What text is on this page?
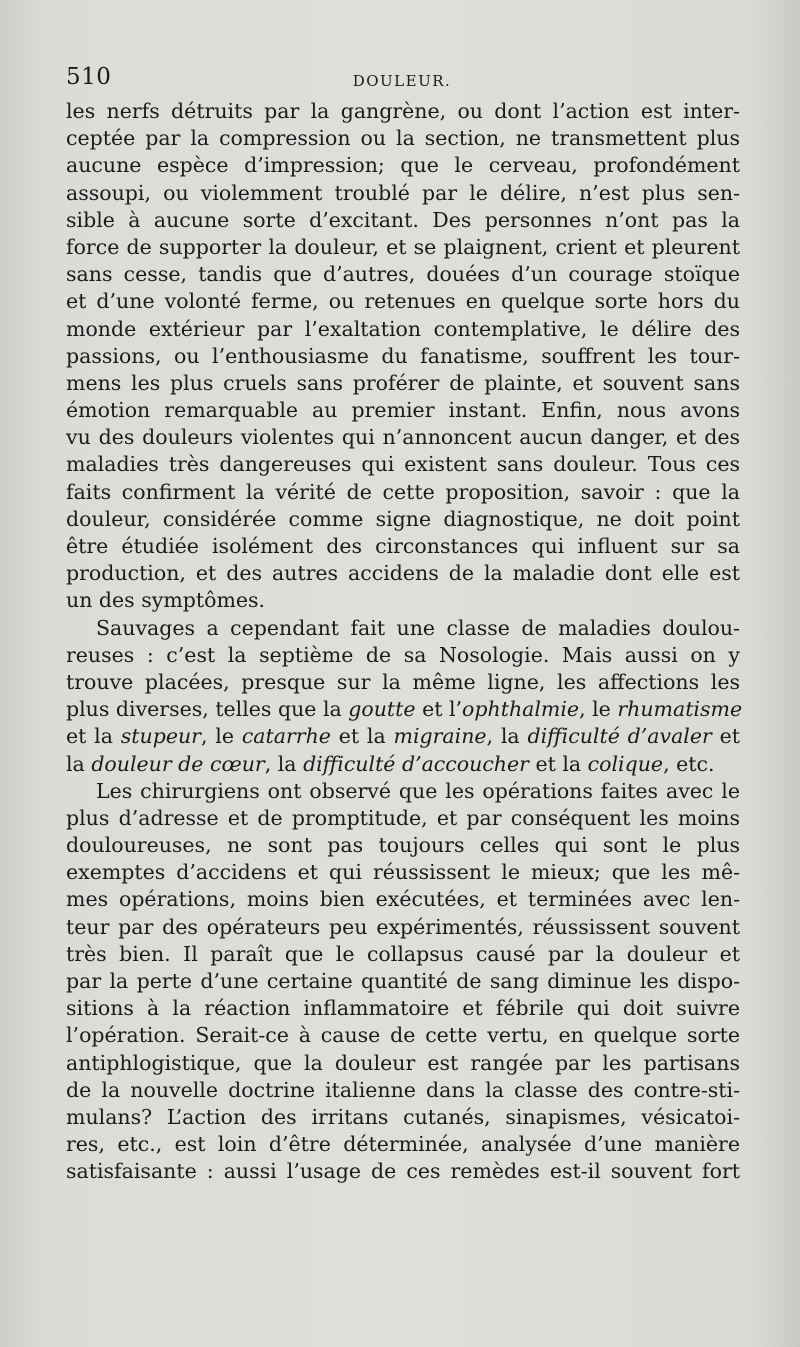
510	DOULEUR.
les nerfs détruits par la gangrène, ou dont l’action est inter-
ceptée par la compression ou la section, ne transmettent plus
aucune espèce d’impression; que le cerveau, profondément
assoupi, ou violemment troublé par le délire, n’est plus sen-
sible à aucune sorte d’excitant. Des personnes n’ont pas la
force de supporter la douleur, et se plaignent, crient et pleurent
sans cesse, tandis que d’autres, douées d’un courage stoïque
et d’une volonté ferme, ou retenues en quelque sorte hors du
monde extérieur par l’exaltation contemplative, le délire des
passions, ou l’enthousiasme du fanatisme, souffrent les tour-
mens les plus cruels sans proférer de plainte, et souvent sans
émotion remarquable au premier instant. Enfin, nous avons
vu des douleurs violentes qui n’annoncent aucun danger, et des
maladies très dangereuses qui existent sans douleur. Tous ces
faits confirment la vérité de cette proposition, savoir : que la
douleur, considérée comme signe diagnostique, ne doit point
être étudiée isolément des circonstances qui influent sur sa
production, et des autres accidens de la maladie dont elle est
un des symptômes.
Sauvages a cependant fait une classe de maladies doulou-
reuses : c’est la septième de sa Nosologie. Mais aussi on y
trouve placées, presque sur la même ligne, les affections les
plus diverses, telles que la goutte et l’ophthalmie, le rhumatisme
et la stupeur, le catarrhe et la migraine, la difficulté d’avaler et
la douleur de cœur, la difficulté d’accoucher et la colique, etc.
Les chirurgiens ont observé que les opérations faites avec le
plus d’adresse et de promptitude, et par conséquent les moins
douloureuses, ne sont pas toujours celles qui sont le plus
exemptes d’accidens et qui réussissent le mieux; que les mê-
mes opérations, moins bien exécutées, et terminées avec len-
teur par des opérateurs peu expérimentés, réussissent souvent
très bien. Il paraît que le collapsus causé par la douleur et
par la perte d’une certaine quantité de sang diminue les dispo-
sitions à la réaction inflammatoire et fébrile qui doit suivre
l’opération. Serait-ce à cause de cette vertu, en quelque sorte
antiphlogistique, que la douleur est rangée par les partisans
de la nouvelle doctrine italienne dans la classe des contre-sti-
mulans? L’action des irritans cutanés, sinapismes, vésicatoi-
res, etc., est loin d’être déterminée, analysée d’une manière
satisfaisante : aussi l’usage de ces remèdes est-il souvent fort
